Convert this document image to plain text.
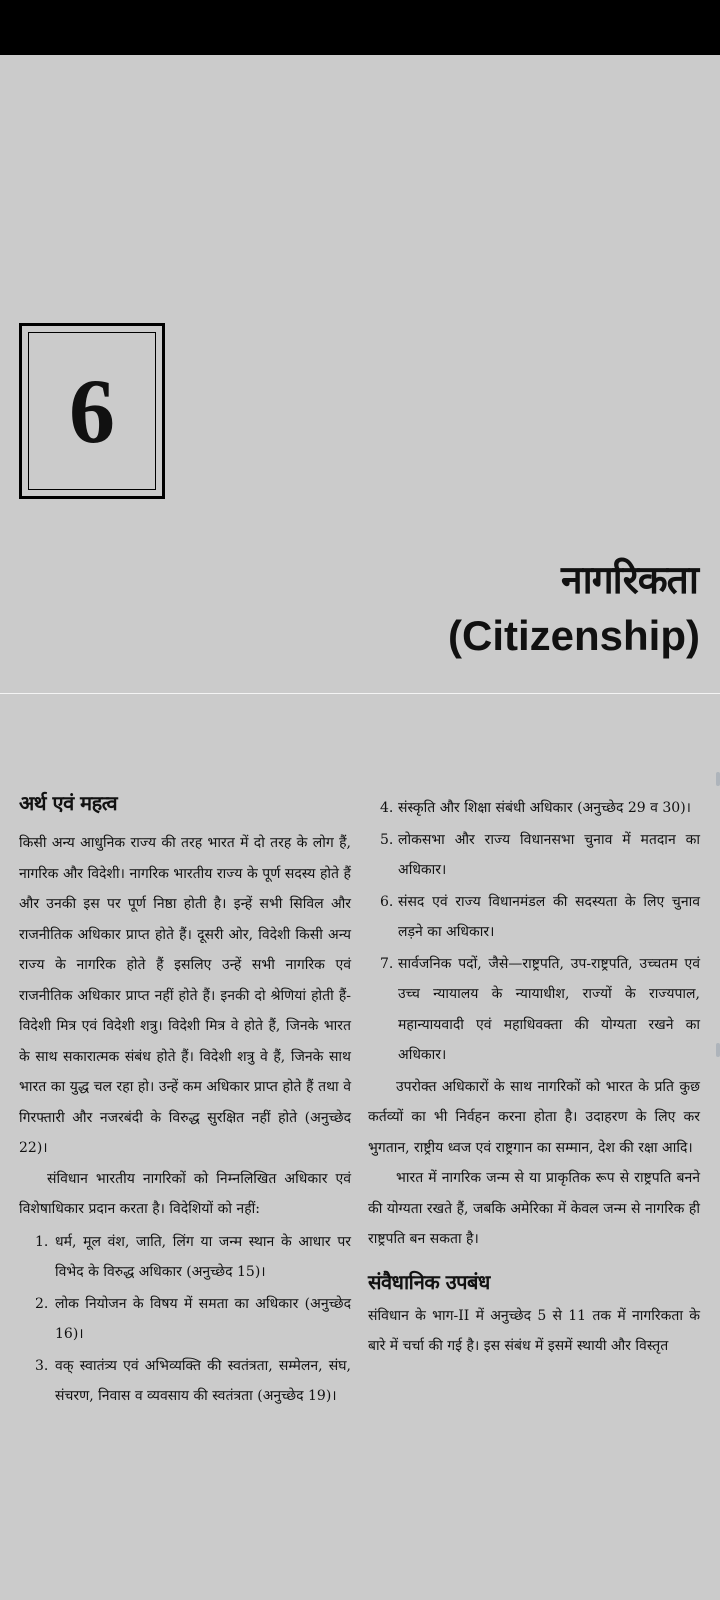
6
नागरिकता
(Citizenship)
अर्थ एवं महत्व

किसी अन्य आधुनिक राज्य की तरह भारत में दो तरह के लोग हैं, नागरिक और विदेशी। नागरिक भारतीय राज्य के पूर्ण सदस्य होते हैं और उनकी इस पर पूर्ण निष्ठा होती है। इन्हें सभी सिविल और राजनीतिक अधिकार प्राप्त होते हैं। दूसरी ओर, विदेशी किसी अन्य राज्य के नागरिक होते हैं इसलिए उन्हें सभी नागरिक एवं राजनीतिक अधिकार प्राप्त नहीं होते हैं। इनकी दो श्रेणियां होती हैं- विदेशी मित्र एवं विदेशी शत्रु। विदेशी मित्र वे होते हैं, जिनके भारत के साथ सकारात्मक संबंध होते हैं। विदेशी शत्रु वे हैं, जिनके साथ भारत का युद्ध चल रहा हो। उन्हें कम अधिकार प्राप्त होते हैं तथा वे गिरफ्तारी और नजरबंदी के विरुद्ध सुरक्षित नहीं होते (अनुच्छेद 22)।

संविधान भारतीय नागरिकों को निम्नलिखित अधिकार एवं विशेषाधिकार प्रदान करता है। विदेशियों को नहीं:

1. धर्म, मूल वंश, जाति, लिंग या जन्म स्थान के आधार पर विभेद के विरुद्ध अधिकार (अनुच्छेद 15)।
2. लोक नियोजन के विषय में समता का अधिकार (अनुच्छेद 16)।
3. वक् स्वातंत्र्य एवं अभिव्यक्ति की स्वतंत्रता, सम्मेलन, संघ, संचरण, निवास व व्यवसाय की स्वतंत्रता (अनुच्छेद 19)।
4. संस्कृति और शिक्षा संबंधी अधिकार (अनुच्छेद 29 व 30)।
5. लोकसभा और राज्य विधानसभा चुनाव में मतदान का अधिकार।
6. संसद एवं राज्य विधानमंडल की सदस्यता के लिए चुनाव लड़ने का अधिकार।
7. सार्वजनिक पदों, जैसे—राष्ट्रपति, उप-राष्ट्रपति, उच्चतम एवं उच्च न्यायालय के न्यायाधीश, राज्यों के राज्यपाल, महान्यायवादी एवं महाधिवक्ता की योग्यता रखने का अधिकार।

उपरोक्त अधिकारों के साथ नागरिकों को भारत के प्रति कुछ कर्तव्यों का भी निर्वहन करना होता है। उदाहरण के लिए कर भुगतान, राष्ट्रीय ध्वज एवं राष्ट्रगान का सम्मान, देश की रक्षा आदि।

भारत में नागरिक जन्म से या प्राकृतिक रूप से राष्ट्रपति बनने की योग्यता रखते हैं, जबकि अमेरिका में केवल जन्म से नागरिक ही राष्ट्रपति बन सकता है।

संवैधानिक उपबंध

संविधान के भाग-II में अनुच्छेद 5 से 11 तक में नागरिकता के बारे में चर्चा की गई है। इस संबंध में इसमें स्थायी और विस्तृत
